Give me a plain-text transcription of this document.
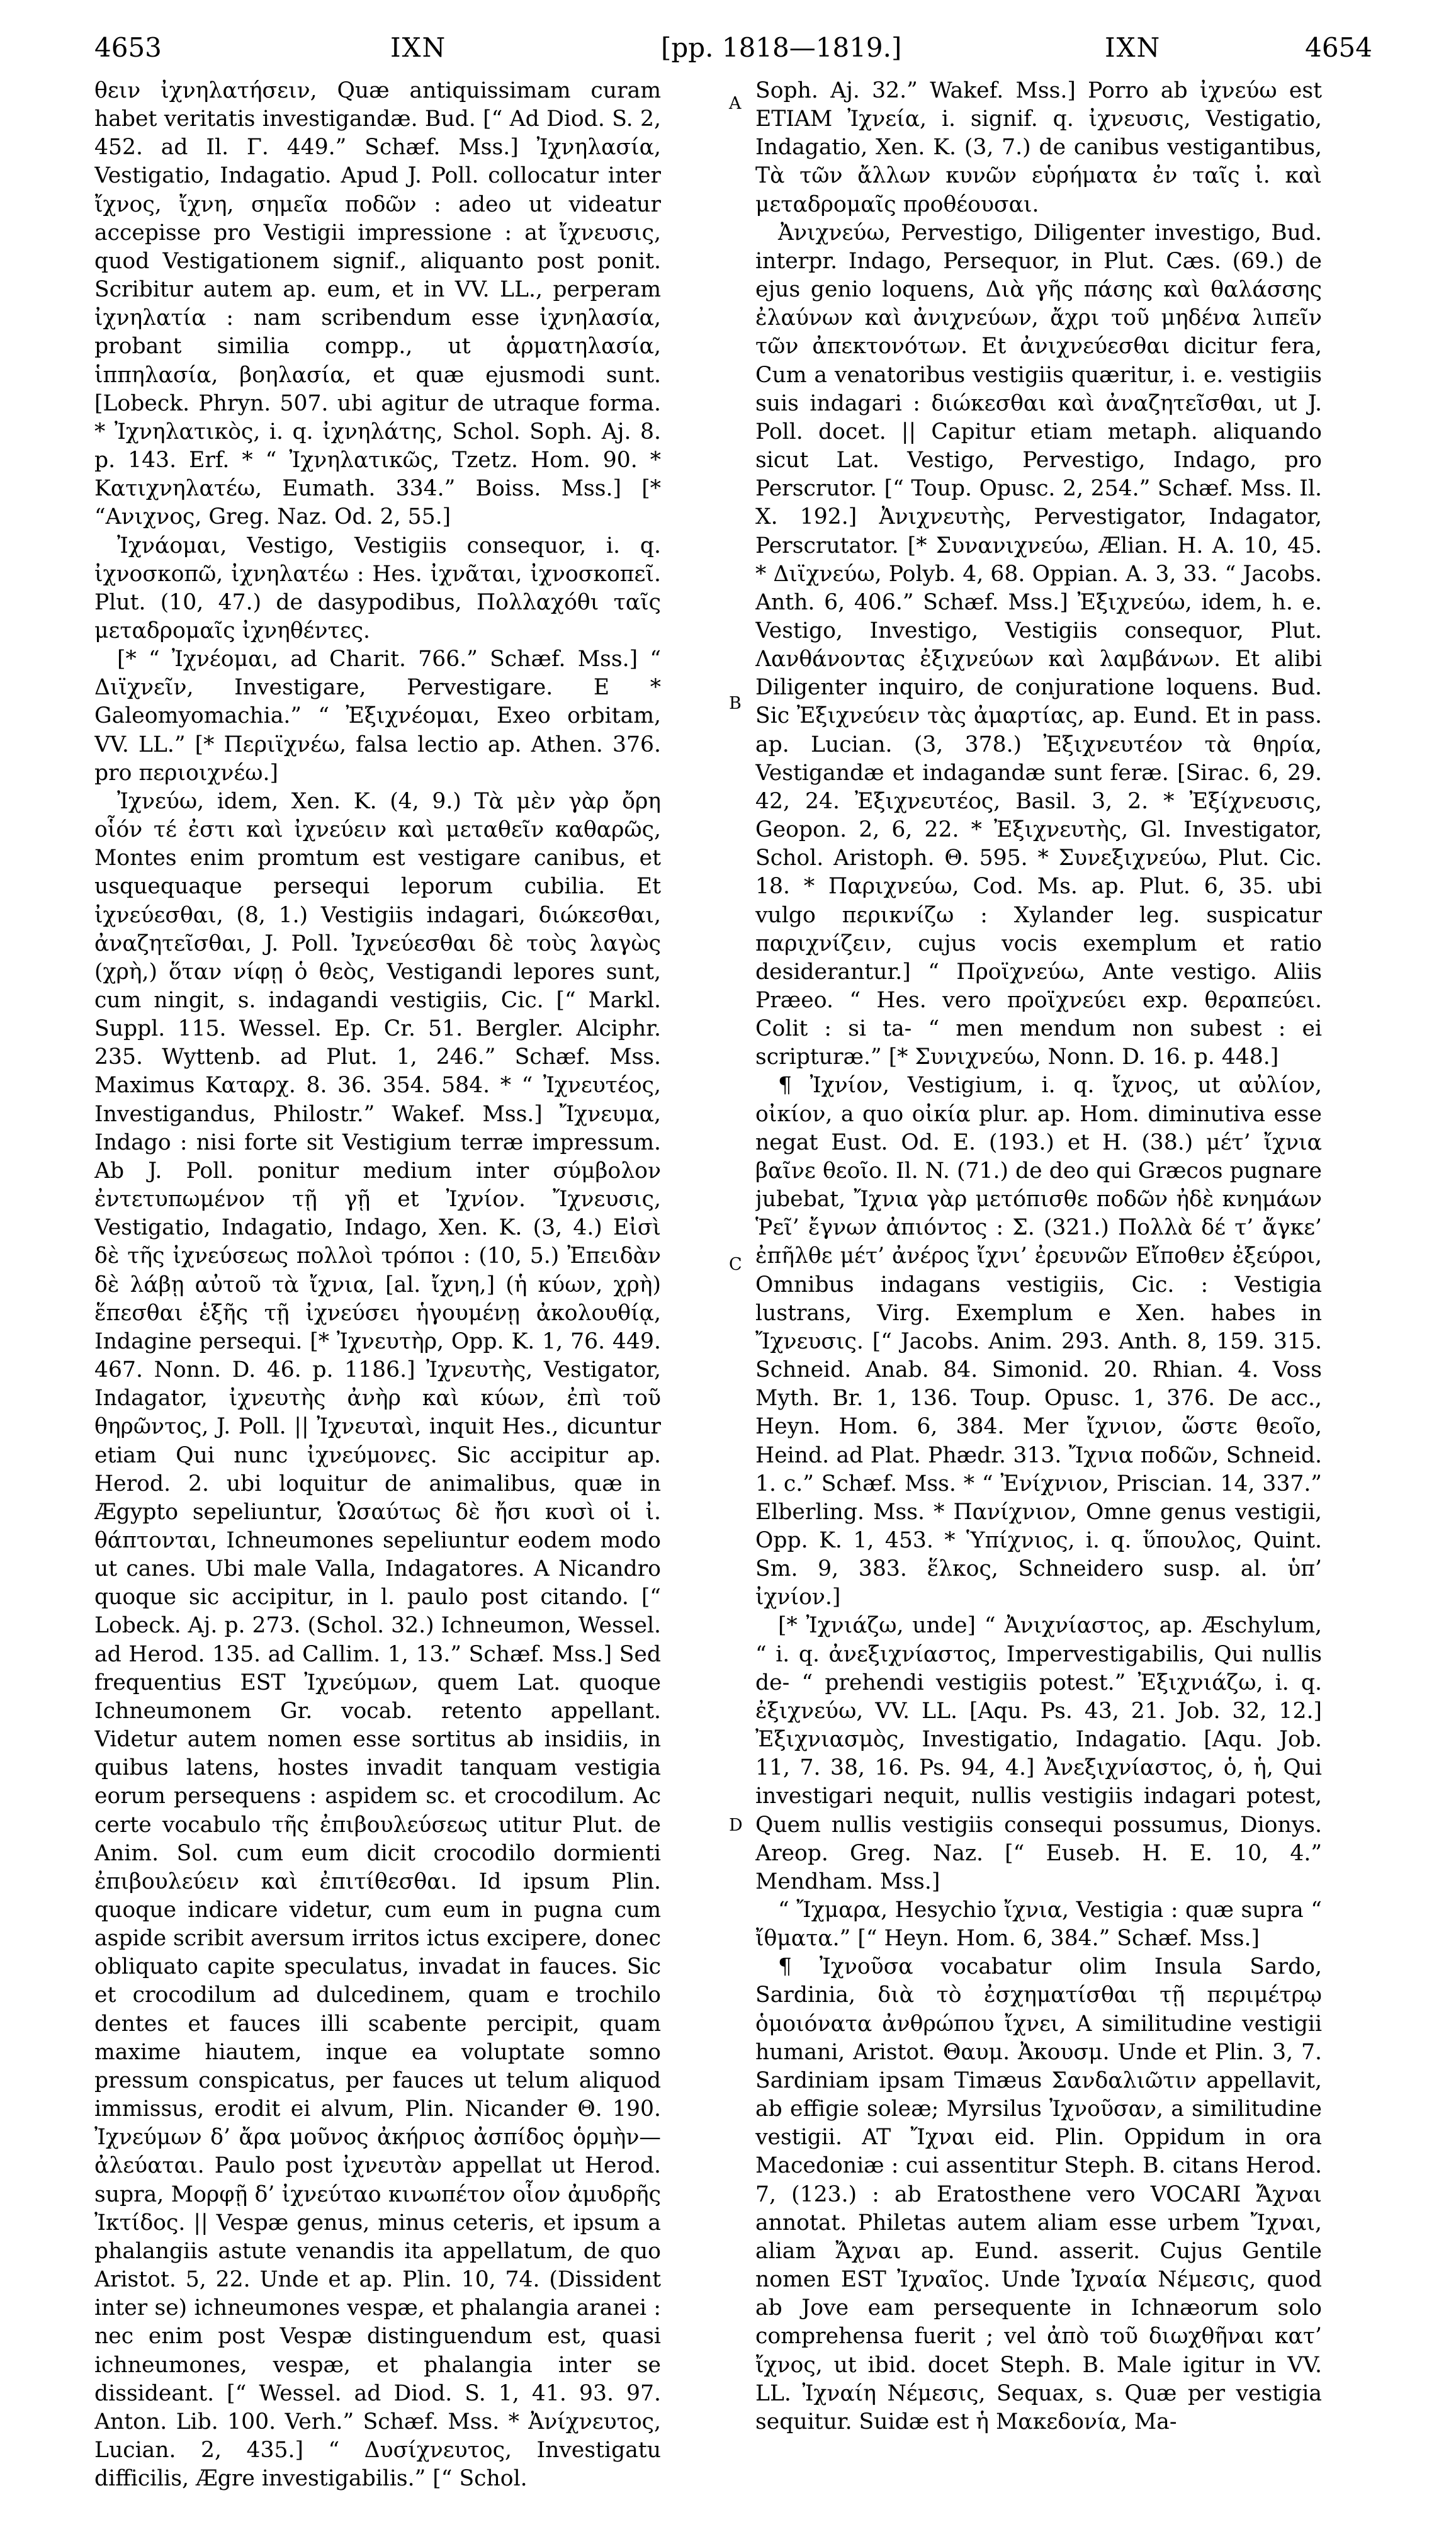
4653	IXN	[pp. 1818—1819.]	IXN	4654
A
B
C
D

θειν ἰχνηλατήσειν, Quæ antiquissimam curam habet veritatis investigandæ. Bud. [“ Ad Diod. S. 2, 452. ad Il. Γ. 449.” Schæf. Mss.] Ἰχνηλασία, Vestigatio, Indagatio. Apud J. Poll. collocatur inter ἴχνος, ἴχνη, σημεῖα ποδῶν : adeo ut videatur accepisse pro Vestigii impressione : at ἴχνευσις, quod Vestigationem signif., aliquanto post ponit. Scribitur autem ap. eum, et in VV. LL., perperam ἰχνηλατία : nam scribendum esse ἰχνηλασία, probant similia compp., ut ἁρματηλασία, ἱππηλασία, βοηλασία, et quæ ejusmodi sunt. [Lobeck. Phryn. 507. ubi agitur de utraque forma. * Ἰχνηλατικὸς, i. q. ἰχνηλάτης, Schol. Soph. Aj. 8. p. 143. Erf. * “ Ἰχνηλατικῶς, Tzetz. Hom. 90. * Κατιχνηλατέω, Eumath. 334.” Boiss. Mss.] [* “Ανιχνος, Greg. Naz. Od. 2, 55.]

Ἰχνάομαι, Vestigo, Vestigiis consequor, i. q. ἰχνοσκοπῶ, ἰχνηλατέω : Hes. ἰχνᾶται, ἰχνοσκοπεῖ. Plut. (10, 47.) de dasypodibus, Πολλαχόθι ταῖς μεταδρομαῖς ἰχνηθέντες.

[* “ Ἰχνέομαι, ad Charit. 766.” Schæf. Mss.] “ Διϊχνεῖν, Investigare, Pervestigare. E * Galeomyomachia.” “ Ἐξιχνέομαι, Exeo orbitam, VV. LL.” [* Περιϊχνέω, falsa lectio ap. Athen. 376. pro περιοιχνέω.]

Ἰχνεύω, idem, Xen. K. (4, 9.) Τὰ μὲν γὰρ ὄρη οἷόν τέ ἐστι καὶ ἰχνεύειν καὶ μεταθεῖν καθαρῶς, Montes enim promtum est vestigare canibus, et usquequaque persequi leporum cubilia. Et ἰχνεύεσθαι, (8, 1.) Vestigiis indagari, διώκεσθαι, ἀναζητεῖσθαι, J. Poll. Ἰχνεύεσθαι δὲ τοὺς λαγὼς (χρὴ,) ὅταν νίφῃ ὁ θεὸς, Vestigandi lepores sunt, cum ningit, s. indagandi vestigiis, Cic. [“ Markl. Suppl. 115. Wessel. Ep. Cr. 51. Bergler. Alciphr. 235. Wyttenb. ad Plut. 1, 246.” Schæf. Mss. Maximus Καταρχ. 8. 36. 354. 584. * “ Ἰχνευτέος, Investigandus, Philostr.” Wakef. Mss.] Ἴχνευμα, Indago : nisi forte sit Vestigium terræ impressum. Ab J. Poll. ponitur medium inter σύμβολον ἐντετυπωμένον τῇ γῇ et Ἰχνίον. Ἴχνευσις, Vestigatio, Indagatio, Indago, Xen. K. (3, 4.) Εἰσὶ δὲ τῆς ἰχνεύσεως πολλοὶ τρόποι : (10, 5.) Ἐπειδὰν δὲ λάβῃ αὐτοῦ τὰ ἴχνια, [al. ἴχνη,] (ἡ κύων, χρὴ) ἕπεσθαι ἑξῆς τῇ ἰχνεύσει ἡγουμένῃ ἀκολουθίᾳ, Indagine persequi. [* Ἰχνευτὴρ, Opp. K. 1, 76. 449. 467. Nonn. D. 46. p. 1186.] Ἰχνευτὴς, Vestigator, Indagator, ἰχνευτὴς ἀνὴρ καὶ κύων, ἐπὶ τοῦ θηρῶντος, J. Poll. || Ἰχνευταὶ, inquit Hes., dicuntur etiam Qui nunc ἰχνεύμονες. Sic accipitur ap. Herod. 2. ubi loquitur de animalibus, quæ in Ægypto sepeliuntur, Ὡσαύτως δὲ ἤσι κυσὶ οἱ ἰ. θάπτονται, Ichneumones sepeliuntur eodem modo ut canes. Ubi male Valla, Indagatores. A Nicandro quoque sic accipitur, in l. paulo post citando. [“ Lobeck. Aj. p. 273. (Schol. 32.) Ichneumon, Wessel. ad Herod. 135. ad Callim. 1, 13.” Schæf. Mss.] Sed frequentius EST Ἰχνεύμων, quem Lat. quoque Ichneumonem Gr. vocab. retento appellant. Videtur autem nomen esse sortitus ab insidiis, in quibus latens, hostes invadit tanquam vestigia eorum persequens : aspidem sc. et crocodilum. Ac certe vocabulo τῆς ἐπιβουλεύσεως utitur Plut. de Anim. Sol. cum eum dicit crocodilo dormienti ἐπιβουλεύειν καὶ ἐπιτίθεσθαι. Id ipsum Plin. quoque indicare videtur, cum eum in pugna cum aspide scribit aversum irritos ictus excipere, donec obliquato capite speculatus, invadat in fauces. Sic et crocodilum ad dulcedinem, quam e trochilo dentes et fauces illi scabente percipit, quam maxime hiautem, inque ea voluptate somno pressum conspicatus, per fauces ut telum aliquod immissus, erodit ei alvum, Plin. Nicander Θ. 190. Ἰχνεύμων δ’ ἄρα μοῦνος ἀκήριος ἀσπίδος ὁρμὴν—ἀλεύαται. Paulo post ἰχνευτὰν appellat ut Herod. supra, Μορφῇ δ’ ἰχνεύταο κινωπέτον οἷον ἀμυδρῆς Ἰκτίδος. || Vespæ genus, minus ceteris, et ipsum a phalangiis astute venandis ita appellatum, de quo Aristot. 5, 22. Unde et ap. Plin. 10, 74. (Dissident inter se) ichneumones vespæ, et phalangia aranei : nec enim post Vespæ distinguendum est, quasi ichneumones, vespæ, et phalangia inter se dissideant. [“ Wessel. ad Diod. S. 1, 41. 93. 97. Anton. Lib. 100. Verh.” Schæf. Mss. * Ἀνίχνευτος, Lucian. 2, 435.] “ Δυσίχνευτος, Investigatu difficilis, Ægre investigabilis.” [“ Schol.

Soph. Aj. 32.” Wakef. Mss.] Porro ab ἰχνεύω est ETIAM Ἰχνεία, i. signif. q. ἰχνευσις, Vestigatio, Indagatio, Xen. K. (3, 7.) de canibus vestigantibus, Τὰ τῶν ἄλλων κυνῶν εὑρήματα ἐν ταῖς ἰ. καὶ μεταδρομαῖς προθέουσαι.

Ἀνιχνεύω, Pervestigo, Diligenter investigo, Bud. interpr. Indago, Persequor, in Plut. Cæs. (69.) de ejus genio loquens, Διὰ γῆς πάσης καὶ θαλάσσης ἐλαύνων καὶ ἀνιχνεύων, ἄχρι τοῦ μηδένα λιπεῖν τῶν ἀπεκτονότων. Et ἀνιχνεύεσθαι dicitur fera, Cum a venatoribus vestigiis quæritur, i. e. vestigiis suis indagari : διώκεσθαι καὶ ἀναζητεῖσθαι, ut J. Poll. docet. || Capitur etiam metaph. aliquando sicut Lat. Vestigo, Pervestigo, Indago, pro Perscrutor. [“ Toup. Opusc. 2, 254.” Schæf. Mss. Il. X. 192.] Ἀνιχνευτὴς, Pervestigator, Indagator, Perscrutator. [* Συνανιχνεύω, Ælian. H. A. 10, 45. * Διϊχνεύω, Polyb. 4, 68. Oppian. A. 3, 33. “ Jacobs. Anth. 6, 406.” Schæf. Mss.] Ἐξιχνεύω, idem, h. e. Vestigo, Investigo, Vestigiis consequor, Plut. Λανθάνοντας ἐξιχνεύων καὶ λαμβάνων. Et alibi Diligenter inquiro, de conjuratione loquens. Bud. Sic Ἐξιχνεύειν τὰς ἀμαρτίας, ap. Eund. Et in pass. ap. Lucian. (3, 378.) Ἐξιχνευτέον τὰ θηρία, Vestigandæ et indagandæ sunt feræ. [Sirac. 6, 29. 42, 24. Ἐξιχνευτέος, Basil. 3, 2. * Ἐξίχνευσις, Geopon. 2, 6, 22. * Ἐξιχνευτὴς, Gl. Investigator, Schol. Aristoph. Θ. 595. * Συνεξιχνεύω, Plut. Cic. 18. * Παριχνεύω, Cod. Ms. ap. Plut. 6, 35. ubi vulgo περικνίζω : Xylander leg. suspicatur παριχνίζειν, cujus vocis exemplum et ratio desiderantur.] “ Προϊχνεύω, Ante vestigo. Aliis Præeo. “ Hes. vero προϊχνεύει exp. θεραπεύει. Colit : si ta- “ men mendum non subest : ei scripturæ.” [* Συνιχνεύω, Nonn. D. 16. p. 448.]

¶ Ἰχνίον, Vestigium, i. q. ἴχνος, ut αὐλίον, οἰκίον, a quo οἰκία plur. ap. Hom. diminutiva esse negat Eust. Od. E. (193.) et H. (38.) μέτ’ ἴχνια βαῖνε θεοῖο. Il. N. (71.) de deo qui Græcos pugnare jubebat, Ἴχνια γὰρ μετόπισθε ποδῶν ἠδὲ κνημάων Ῥεῖ’ ἔγνων ἀπιόντος : Σ. (321.) Πολλὰ δέ τ’ ἄγκε’ ἐπῆλθε μέτ’ ἀνέρος ἴχνι’ ἐρευνῶν Εἴποθεν ἐξεύροι, Omnibus indagans vestigiis, Cic. : Vestigia lustrans, Virg. Exemplum e Xen. habes in Ἴχνευσις. [“ Jacobs. Anim. 293. Anth. 8, 159. 315. Schneid. Anab. 84. Simonid. 20. Rhian. 4. Voss Myth. Br. 1, 136. Toup. Opusc. 1, 376. De acc., Heyn. Hom. 6, 384. Mer ἴχνιον, ὥστε θεοῖο, Heind. ad Plat. Phædr. 313. Ἴχνια ποδῶν, Schneid. 1. c.” Schæf. Mss. * “ Ἐνίχνιον, Priscian. 14, 337.” Elberling. Mss. * Πανίχνιον, Omne genus vestigii, Opp. K. 1, 453. * Ὑπίχνιος, i. q. ὕπουλος, Quint. Sm. 9, 383. ἕλκος, Schneidero susp. al. ὑπ’ ἰχνίον.]

[* Ἰχνιάζω, unde] “ Ἀνιχνίαστος, ap. Æschylum, “ i. q. ἀνεξιχνίαστος, Impervestigabilis, Qui nullis de- “ prehendi vestigiis potest.” Ἐξιχνιάζω, i. q. ἐξιχνεύω, VV. LL. [Aqu. Ps. 43, 21. Job. 32, 12.] Ἐξιχνιασμὸς, Investigatio, Indagatio. [Aqu. Job. 11, 7. 38, 16. Ps. 94, 4.] Ἀνεξιχνίαστος, ὁ, ἡ, Qui investigari nequit, nullis vestigiis indagari potest, Quem nullis vestigiis consequi possumus, Dionys. Areop. Greg. Naz. [“ Euseb. H. E. 10, 4.” Mendham. Mss.]

“ Ἴχμαρα, Hesychio ἴχνια, Vestigia : quæ supra “ ἴθματα.” [“ Heyn. Hom. 6, 384.” Schæf. Mss.]

¶ Ἰχνοῦσα vocabatur olim Insula Sardo, Sardinia, διὰ τὸ ἐσχηματίσθαι τῇ περιμέτρῳ ὁμοιόνατα ἀνθρώπου ἴχνει, A similitudine vestigii humani, Aristot. Θαυμ. Ἀκουσμ. Unde et Plin. 3, 7. Sardiniam ipsam Timæus Σανδαλιῶτιν appellavit, ab effigie soleæ; Myrsilus Ἰχνοῦσαν, a similitudine vestigii. AT Ἴχναι eid. Plin. Oppidum in ora Macedoniæ : cui assentitur Steph. B. citans Herod. 7, (123.) : ab Eratosthene vero VOCARI Ἄχναι annotat. Philetas autem aliam esse urbem Ἴχναι, aliam Ἄχναι ap. Eund. asserit. Cujus Gentile nomen EST Ἰχναῖος. Unde Ἰχναία Νέμεσις, quod ab Jove eam persequente in Ichnæorum solo comprehensa fuerit ; vel ἀπὸ τοῦ διωχθῆναι κατ’ ἴχνος, ut ibid. docet Steph. B. Male igitur in VV. LL. Ἰχναίη Νέμεσις, Sequax, s. Quæ per vestigia sequitur. Suidæ est ἡ Μακεδονία, Ma-
